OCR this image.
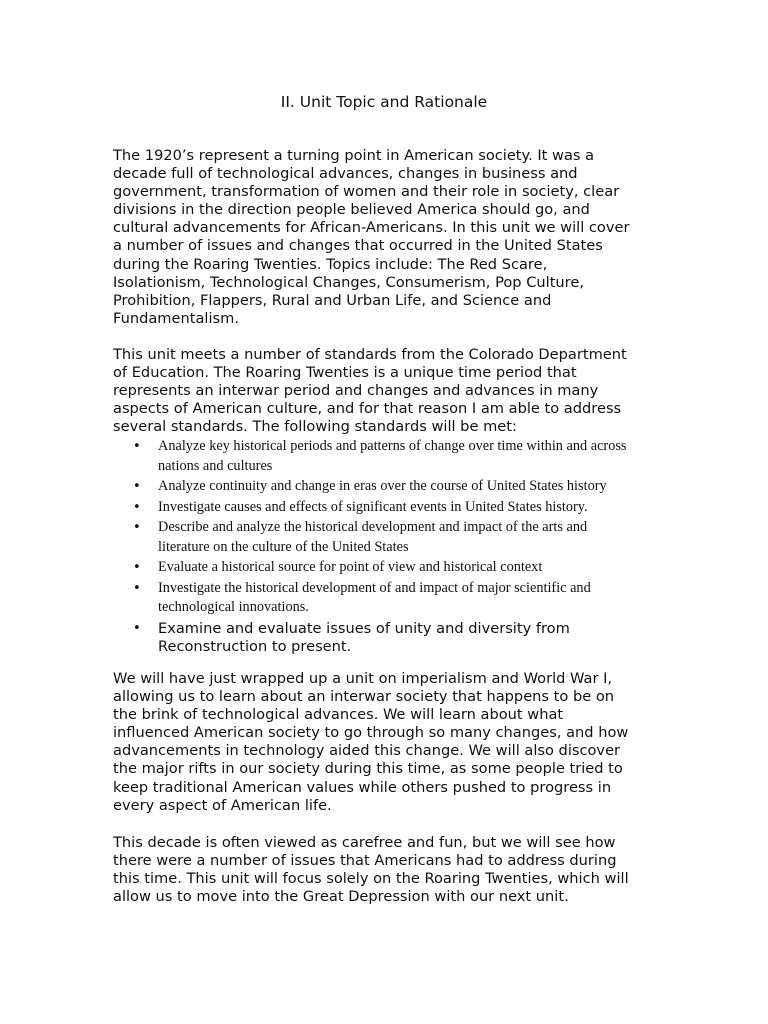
II. Unit Topic and Rationale

The 1920’s represent a turning point in American society. It was a
decade full of technological advances, changes in business and
government, transformation of women and their role in society, clear
divisions in the direction people believed America should go, and
cultural advancements for African-Americans. In this unit we will cover
a number of issues and changes that occurred in the United States
during the Roaring Twenties. Topics include: The Red Scare,
Isolationism, Technological Changes, Consumerism, Pop Culture,
Prohibition, Flappers, Rural and Urban Life, and Science and
Fundamentalism.

This unit meets a number of standards from the Colorado Department
of Education. The Roaring Twenties is a unique time period that
represents an interwar period and changes and advances in many
aspects of American culture, and for that reason I am able to address
several standards. The following standards will be met:

• Analyze key historical periods and patterns of change over time within and across
nations and cultures
• Analyze continuity and change in eras over the course of United States history
• Investigate causes and effects of significant events in United States history.
• Describe and analyze the historical development and impact of the arts and
literature on the culture of the United States
• Evaluate a historical source for point of view and historical context
• Investigate the historical development of and impact of major scientific and
technological innovations.
• Examine and evaluate issues of unity and diversity from
Reconstruction to present.

We will have just wrapped up a unit on imperialism and World War I,
allowing us to learn about an interwar society that happens to be on
the brink of technological advances. We will learn about what
influenced American society to go through so many changes, and how
advancements in technology aided this change. We will also discover
the major rifts in our society during this time, as some people tried to
keep traditional American values while others pushed to progress in
every aspect of American life.

This decade is often viewed as carefree and fun, but we will see how
there were a number of issues that Americans had to address during
this time. This unit will focus solely on the Roaring Twenties, which will
allow us to move into the Great Depression with our next unit.
